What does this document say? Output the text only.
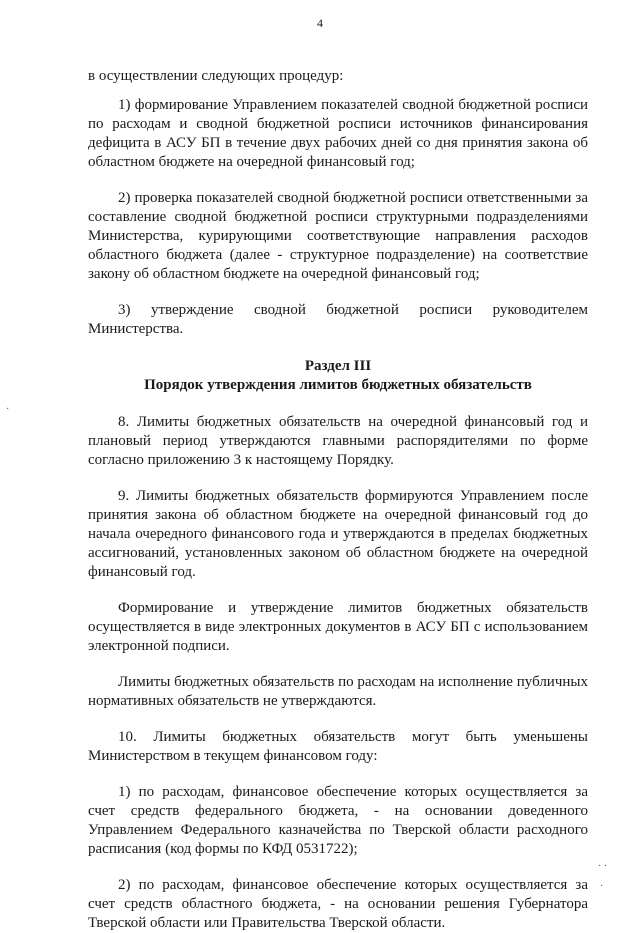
4
·
· ·
·

в осуществлении следующих процедур:

1) формирование Управлением показателей сводной бюджетной росписи по расходам и сводной бюджетной росписи источников финансирования дефицита в АСУ БП в течение двух рабочих дней со дня принятия закона об областном бюджете на очередной финансовый год;

2) проверка показателей сводной бюджетной росписи ответственными за составление сводной бюджетной росписи структурными подразделениями Министерства, курирующими соответствующие направления расходов областного бюджета (далее - структурное подразделение) на соответствие закону об областном бюджете на очередной финансовый год;

3) утверждение сводной бюджетной росписи руководителем Министерства.

Раздел III
Порядок утверждения лимитов бюджетных обязательств

8. Лимиты бюджетных обязательств на очередной финансовый год и плановый период утверждаются главными распорядителями по форме согласно приложению 3 к настоящему Порядку.

9. Лимиты бюджетных обязательств формируются Управлением после принятия закона об областном бюджете на очередной финансовый год до начала очередного финансового года и утверждаются в пределах бюджетных ассигнований, установленных законом об областном бюджете на очередной финансовый год.

Формирование и утверждение лимитов бюджетных обязательств осуществляется в виде электронных документов в АСУ БП с использованием электронной подписи.

Лимиты бюджетных обязательств по расходам на исполнение публичных нормативных обязательств не утверждаются.

10. Лимиты бюджетных обязательств могут быть уменьшены Министерством в текущем финансовом году:

1) по расходам, финансовое обеспечение которых осуществляется за счет средств федерального бюджета, - на основании доведенного Управлением Федерального казначейства по Тверской области расходного расписания (код формы по КФД 0531722);

2) по расходам, финансовое обеспечение которых осуществляется за счет средств областного бюджета, - на основании решения Губернатора Тверской области или Правительства Тверской области.
